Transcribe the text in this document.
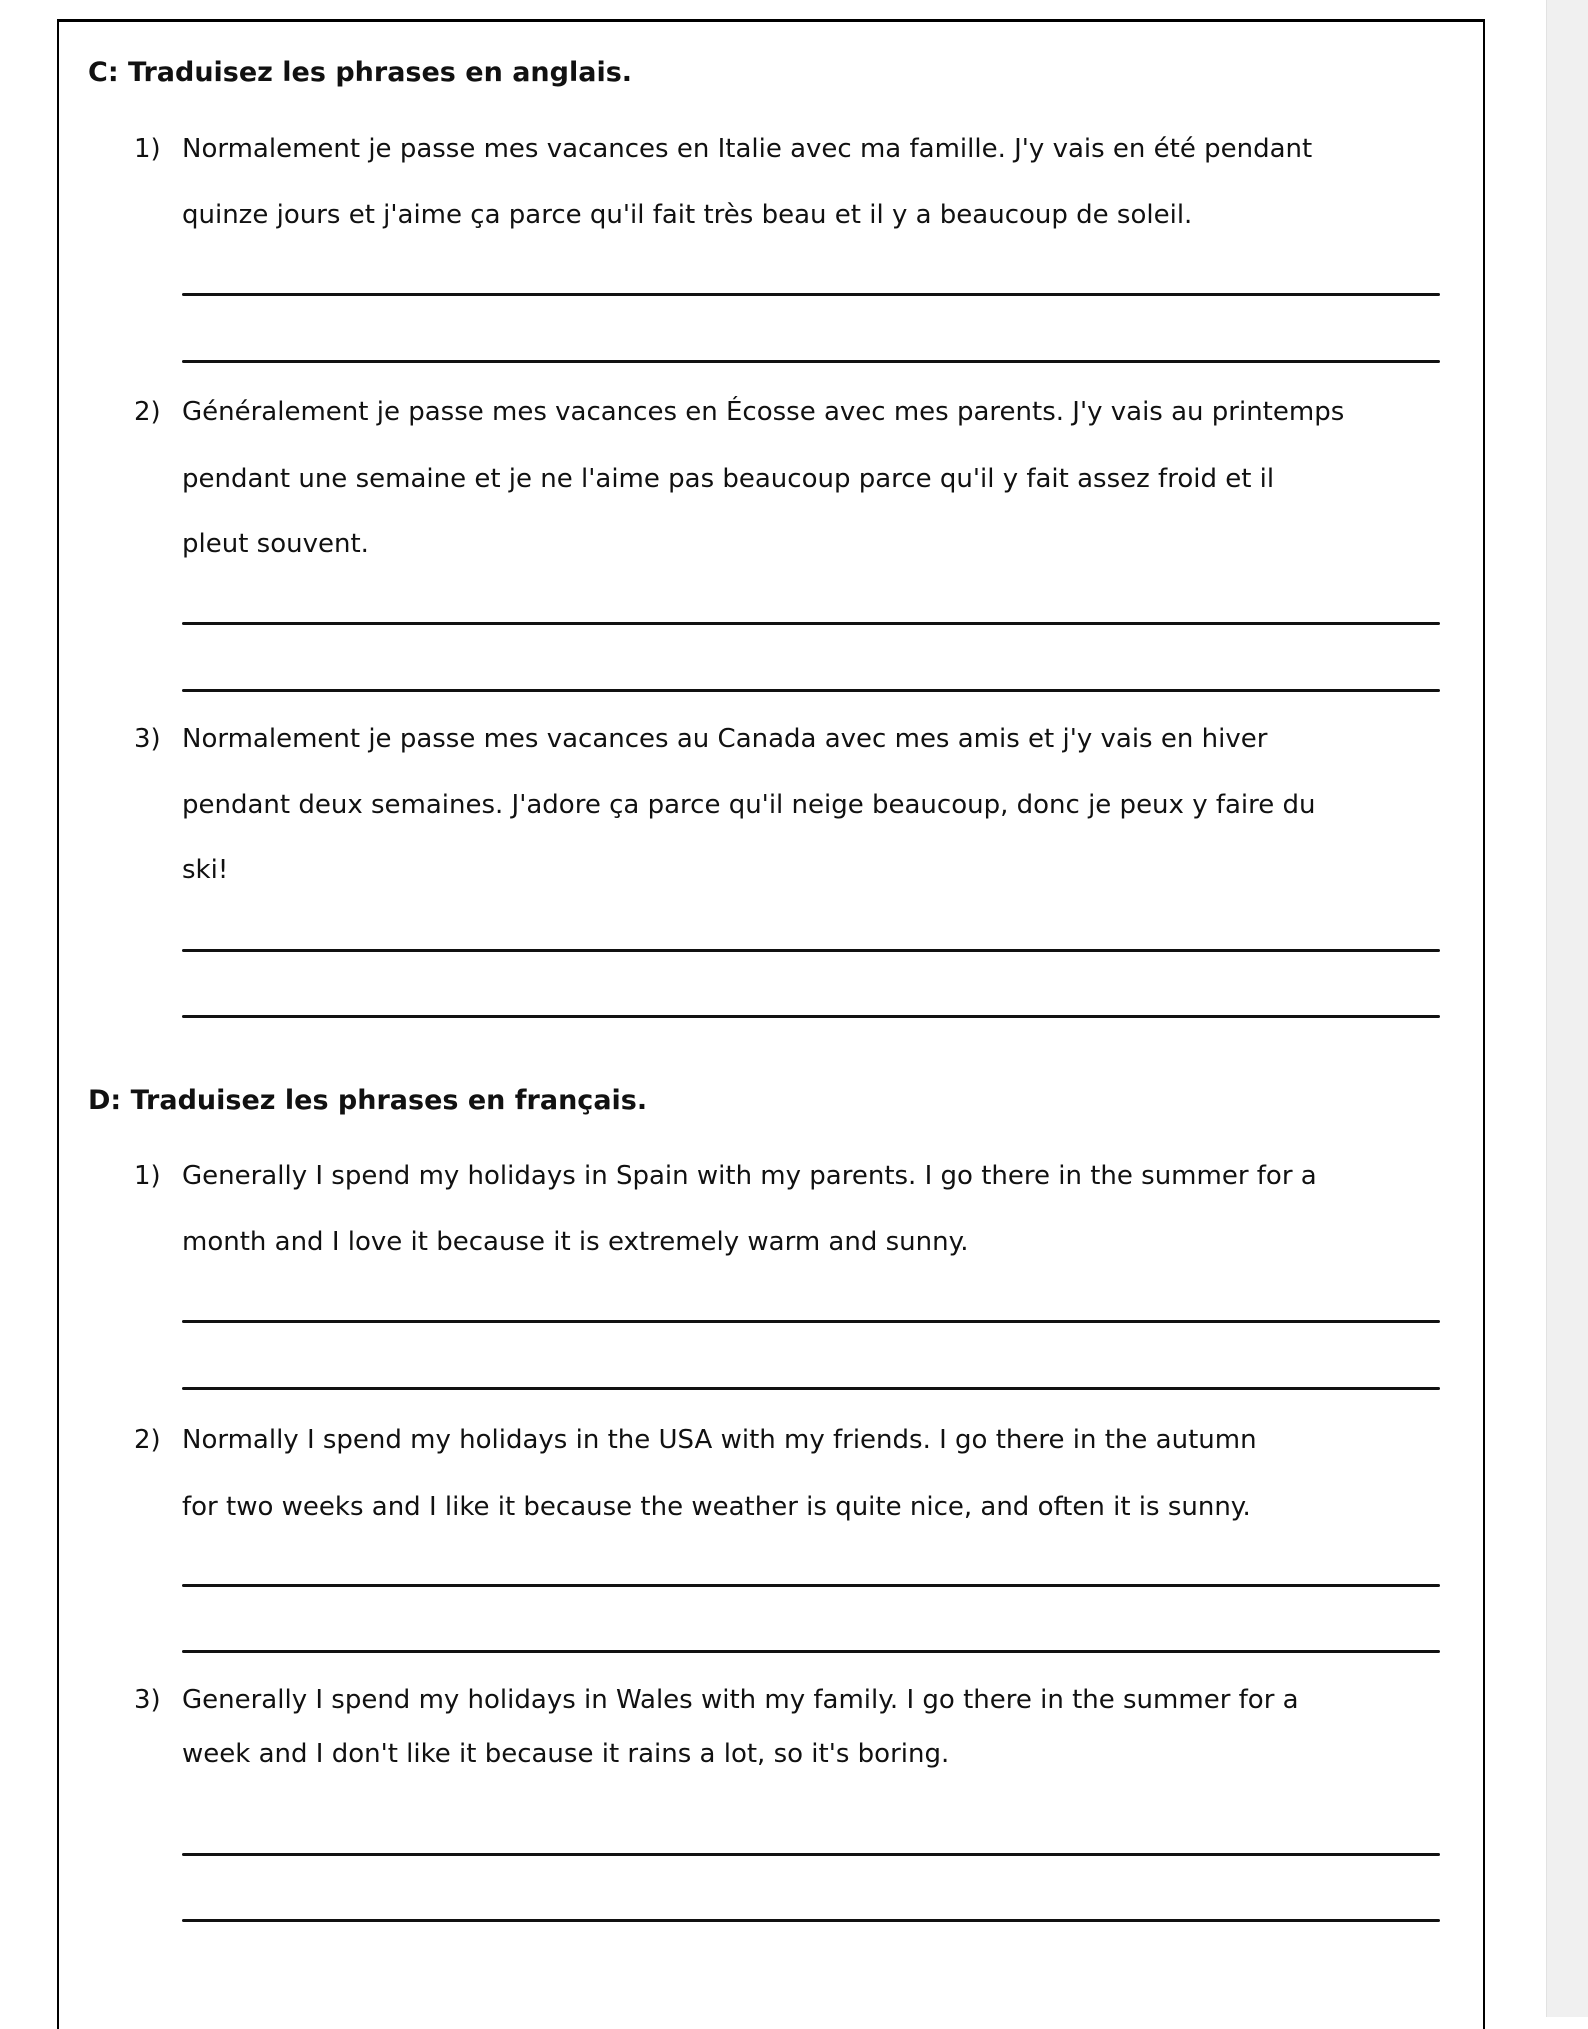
C: Traduisez les phrases en anglais.
1) Normalement je passe mes vacances en Italie avec ma famille. J'y vais en été pendant
quinze jours et j'aime ça parce qu'il fait très beau et il y a beaucoup de soleil.
2) Généralement je passe mes vacances en Écosse avec mes parents. J'y vais au printemps
pendant une semaine et je ne l'aime pas beaucoup parce qu'il y fait assez froid et il
pleut souvent.
3) Normalement je passe mes vacances au Canada avec mes amis et j'y vais en hiver
pendant deux semaines. J'adore ça parce qu'il neige beaucoup, donc je peux y faire du
ski!
D: Traduisez les phrases en français.
1) Generally I spend my holidays in Spain with my parents. I go there in the summer for a
month and I love it because it is extremely warm and sunny.
2) Normally I spend my holidays in the USA with my friends. I go there in the autumn
for two weeks and I like it because the weather is quite nice, and often it is sunny.
3) Generally I spend my holidays in Wales with my family. I go there in the summer for a
week and I don't like it because it rains a lot, so it's boring.
